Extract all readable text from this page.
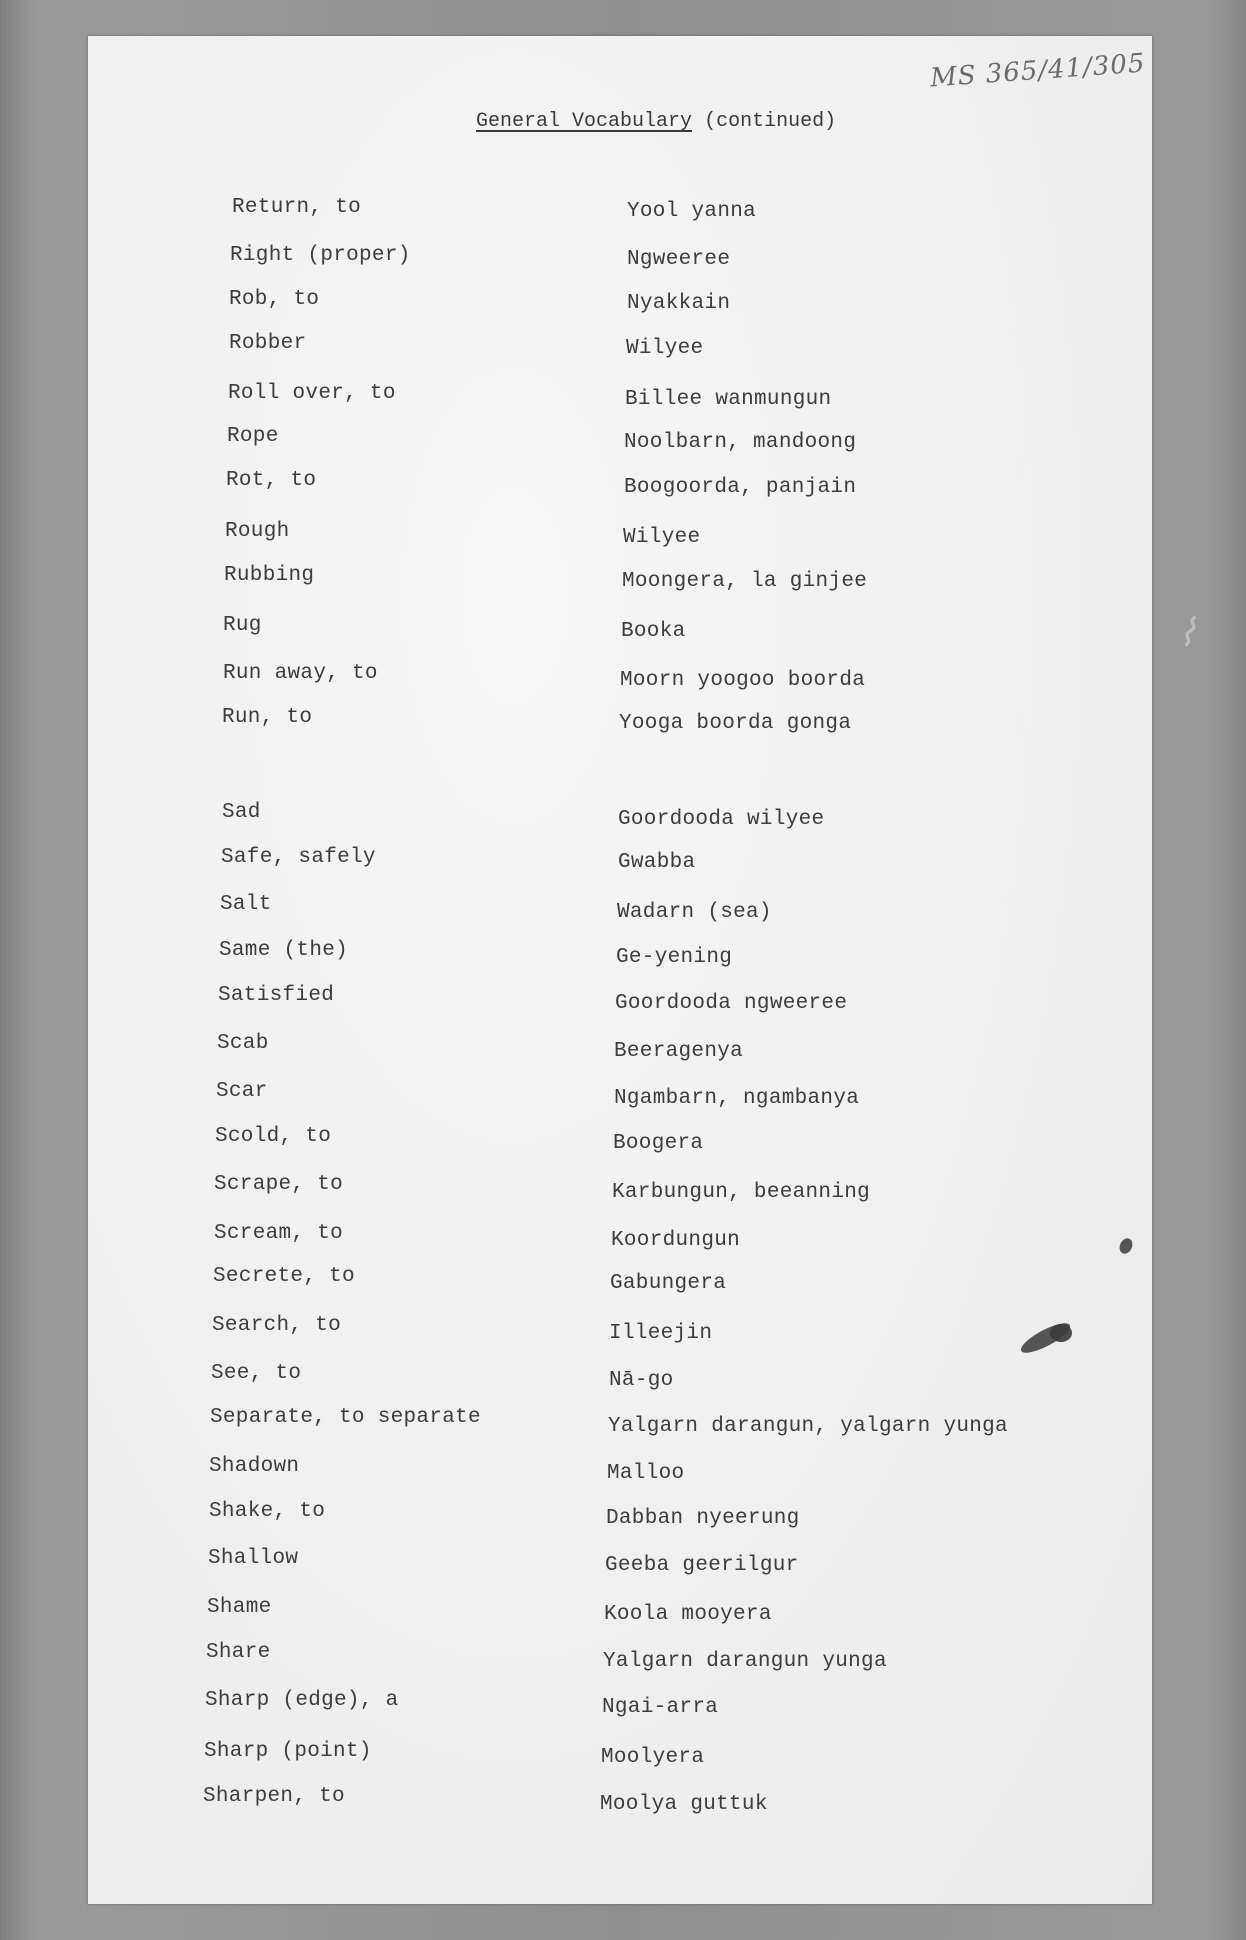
MS 365/41/305
General Vocabulary (continued)
Return, to	Yool yanna
Right (proper)	Ngweeree
Rob, to	Nyakkain
Robber	Wilyee
Roll over, to	Billee wanmungun
Rope	Noolbarn, mandoong
Rot, to	Boogoorda, panjain
Rough	Wilyee
Rubbing	Moongera, la ginjee
Rug	Booka
Run away, to	Moorn yoogoo boorda
Run, to	Yooga boorda gonga
Sad	Goordooda wilyee
Safe, safely	Gwabba
Salt	Wadarn (sea)
Same (the)	Ge-yening
Satisfied	Goordooda ngweeree
Scab	Beeragenya
Scar	Ngambarn, ngambanya
Scold, to	Boogera
Scrape, to	Karbungun, beeanning
Scream, to	Koordungun
Secrete, to	Gabungera
Search, to	Illeejin
See, to	Nā-go
Separate, to separate	Yalgarn darangun, yalgarn yunga
Shadown	Malloo
Shake, to	Dabban nyeerung
Shallow	Geeba geerilgur
Shame	Koola mooyera
Share	Yalgarn darangun yunga
Sharp (edge), a	Ngai-arra
Sharp (point)	Moolyera
Sharpen, to	Moolya guttuk
⌇
